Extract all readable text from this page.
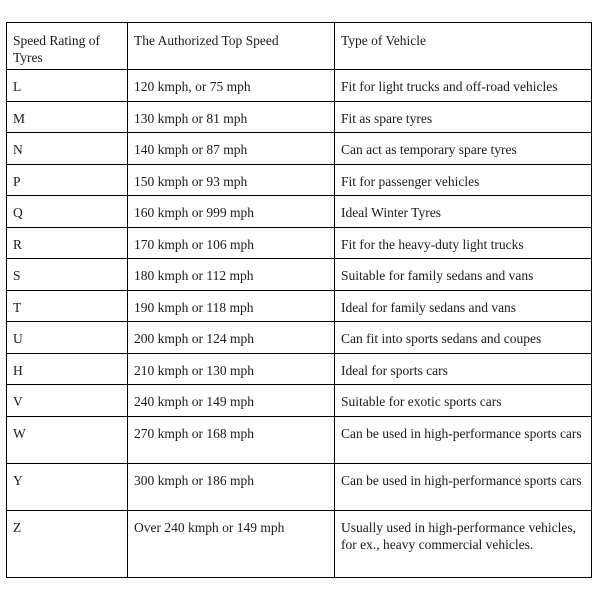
Speed Rating of Tyres	The Authorized Top Speed	Type of Vehicle
L	120 kmph, or 75 mph	Fit for light trucks and off-road vehicles
M	130 kmph or 81 mph	Fit as spare tyres
N	140 kmph or 87 mph	Can act as temporary spare tyres
P	150 kmph or 93 mph	Fit for passenger vehicles
Q	160 kmph or 999 mph	Ideal Winter Tyres
R	170 kmph or 106 mph	Fit for the heavy-duty light trucks
S	180 kmph or 112 mph	Suitable for family sedans and vans
T	190 kmph or 118 mph	Ideal for family sedans and vans
U	200 kmph or 124 mph	Can fit into sports sedans and coupes
H	210 kmph or 130 mph	Ideal for sports cars
V	240 kmph or 149 mph	Suitable for exotic sports cars
W	270 kmph or 168 mph	Can be used in high-performance sports cars
Y	300 kmph or 186 mph	Can be used in high-performance sports cars
Z	Over 240 kmph or 149 mph	Usually used in high-performance vehicles, for ex., heavy commercial vehicles.
